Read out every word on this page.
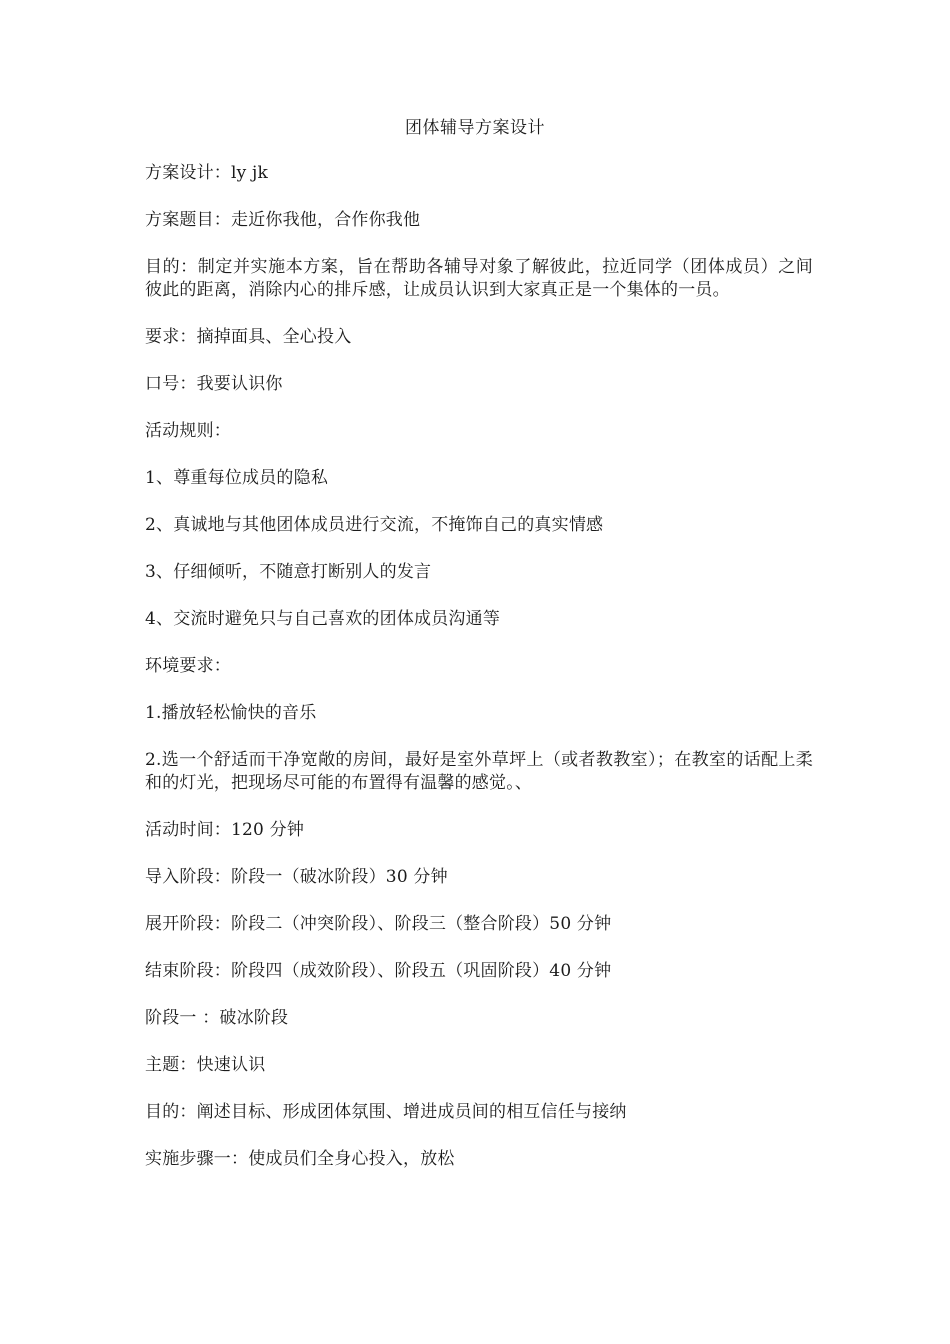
团体辅导方案设计

方案设计：ly jk

方案题目：走近你我他，合作你我他

目的：制定并实施本方案，旨在帮助各辅导对象了解彼此，拉近同学（团体成员）之间彼此的距离，消除内心的排斥感，让成员认识到大家真正是一个集体的一员。

要求：摘掉面具、全心投入

口号：我要认识你

活动规则：

1、尊重每位成员的隐私

2、真诚地与其他团体成员进行交流，不掩饰自己的真实情感

3、仔细倾听，不随意打断别人的发言

4、交流时避免只与自己喜欢的团体成员沟通等

环境要求：

1.播放轻松愉快的音乐

2.选一个舒适而干净宽敞的房间，最好是室外草坪上（或者教教室）；在教室的话配上柔和的灯光，把现场尽可能的布置得有温馨的感觉。、

活动时间：120 分钟

导入阶段：阶段一（破冰阶段）30 分钟

展开阶段：阶段二（冲突阶段）、阶段三（整合阶段）50 分钟

结束阶段：阶段四（成效阶段）、阶段五（巩固阶段）40 分钟

阶段一 ：破冰阶段

主题：快速认识

目的：阐述目标、形成团体氛围、增进成员间的相互信任与接纳

实施步骤一：使成员们全身心投入，放松
